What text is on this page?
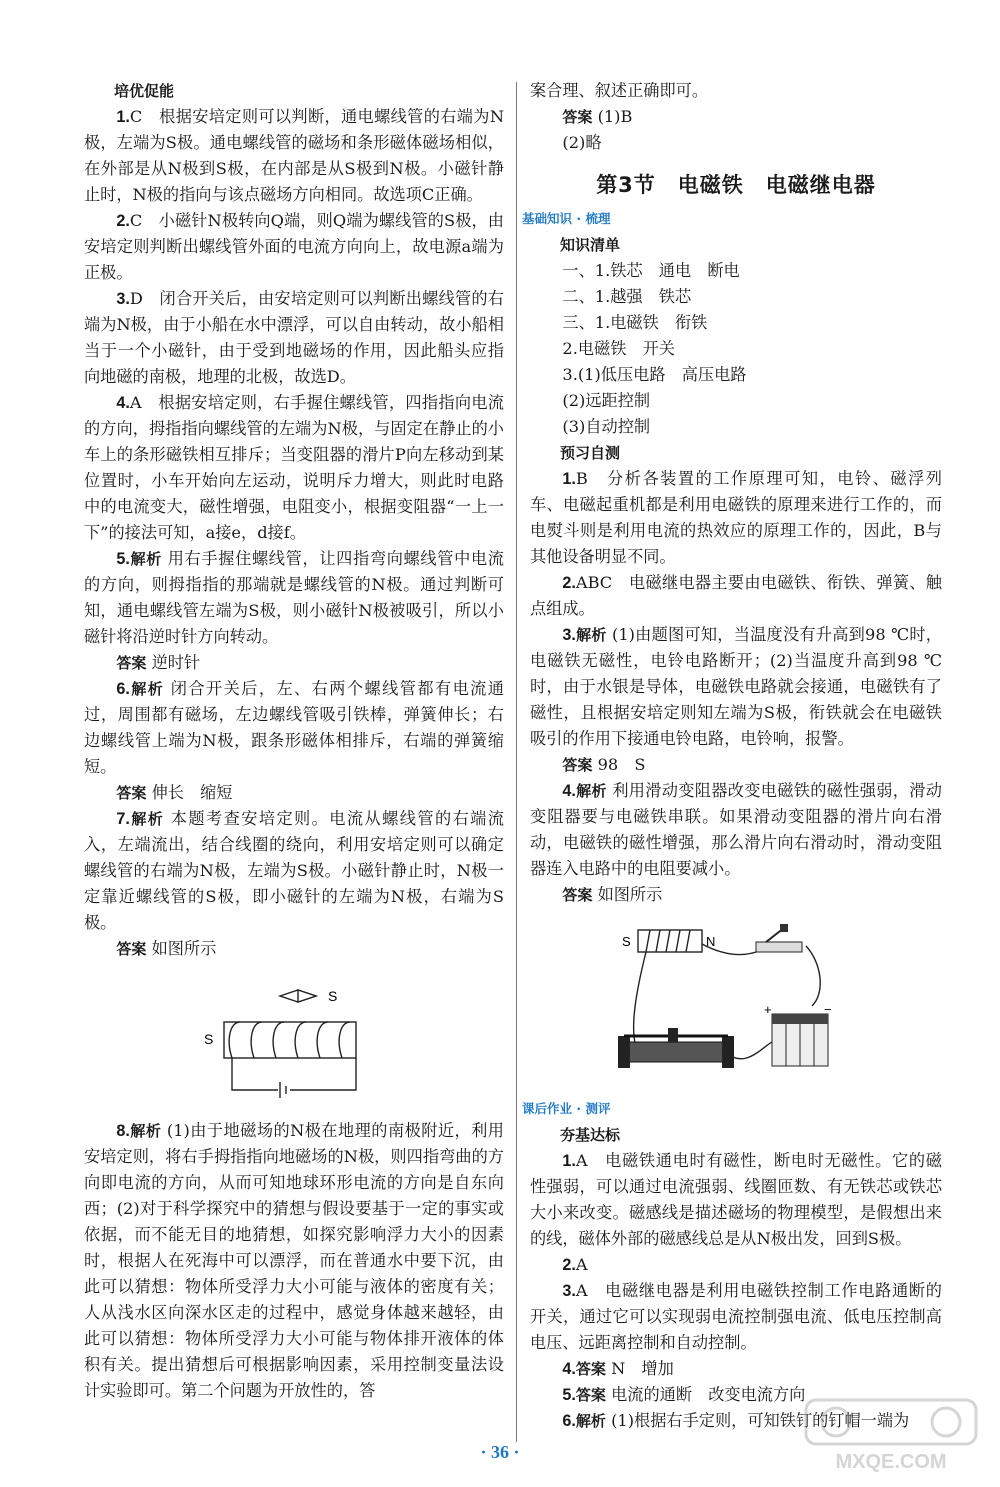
培优促能

1.C　根据安培定则可以判断，通电螺线管的右端为N极，左端为S极。通电螺线管的磁场和条形磁体磁场相似，在外部是从N极到S极，在内部是从S极到N极。小磁针静止时，N极的指向与该点磁场方向相同。故选项C正确。

2.C　小磁针N极转向Q端，则Q端为螺线管的S极，由安培定则判断出螺线管外面的电流方向向上，故电源a端为正极。

3.D　闭合开关后，由安培定则可以判断出螺线管的右端为N极，由于小船在水中漂浮，可以自由转动，故小船相当于一个小磁针，由于受到地磁场的作用，因此船头应指向地磁的南极，地理的北极，故选D。

4.A　根据安培定则，右手握住螺线管，四指指向电流的方向，拇指指向螺线管的左端为N极，与固定在静止的小车上的条形磁铁相互排斥；当变阻器的滑片P向左移动到某位置时，小车开始向左运动，说明斥力增大，则此时电路中的电流变大，磁性增强，电阻变小，根据变阻器“一上一下”的接法可知，a接e，d接f。

5.解析 用右手握住螺线管，让四指弯向螺线管中电流的方向，则拇指指的那端就是螺线管的N极。通过判断可知，通电螺线管左端为S极，则小磁针N极被吸引，所以小磁针将沿逆时针方向转动。

答案 逆时针

6.解析 闭合开关后，左、右两个螺线管都有电流通过，周围都有磁场，左边螺线管吸引铁棒，弹簧伸长；右边螺线管上端为N极，跟条形磁体相排斥，右端的弹簧缩短。

答案 伸长　缩短

7.解析 本题考查安培定则。电流从螺线管的右端流入，左端流出，结合线圈的绕向，利用安培定则可以确定螺线管的右端为N极，左端为S极。小磁针静止时，N极一定靠近螺线管的S极，即小磁针的左端为N极，右端为S极。

答案 如图所示

S
S

8.解析 (1)由于地磁场的N极在地理的南极附近，利用安培定则，将右手拇指指向地磁场的N极，则四指弯曲的方向即电流的方向，从而可知地球环形电流的方向是自东向西；(2)对于科学探究中的猜想与假设要基于一定的事实或依据，而不能无目的地猜想，如探究影响浮力大小的因素时，根据人在死海中可以漂浮，而在普通水中要下沉，由此可以猜想：物体所受浮力大小可能与液体的密度有关；人从浅水区向深水区走的过程中，感觉身体越来越轻，由此可以猜想：物体所受浮力大小可能与物体排开液体的体积有关。提出猜想后可根据影响因素，采用控制变量法设计实验即可。第二个问题为开放性的，答

案合理、叙述正确即可。

答案 (1)B

(2)略

第3节　电磁铁　电磁继电器
基础知识 · 梳理

知识清单

一、1.铁芯　通电　断电

二、1.越强　铁芯

三、1.电磁铁　衔铁

2.电磁铁　开关

3.(1)低压电路　高压电路

(2)远距控制

(3)自动控制

预习自测

1.B　分析各装置的工作原理可知，电铃、磁浮列车、电磁起重机都是利用电磁铁的原理来进行工作的，而电熨斗则是利用电流的热效应的原理工作的，因此，B与其他设备明显不同。

2.ABC　电磁继电器主要由电磁铁、衔铁、弹簧、触点组成。

3.解析 (1)由题图可知，当温度没有升高到98 ℃时，电磁铁无磁性，电铃电路断开；(2)当温度升高到98 ℃时，由于水银是导体，电磁铁电路就会接通，电磁铁有了磁性，且根据安培定则知左端为S极，衔铁就会在电磁铁吸引的作用下接通电铃电路，电铃响，报警。

答案 98　S

4.解析 利用滑动变阻器改变电磁铁的磁性强弱，滑动变阻器要与电磁铁串联。如果滑动变阻器的滑片向右滑动，电磁铁的磁性增强，那么滑片向右滑动时，滑动变阻器连入电路中的电阻要减小。

答案 如图所示

S	N
+	−
课后作业 · 测评

夯基达标

1.A　电磁铁通电时有磁性，断电时无磁性。它的磁性强弱，可以通过电流强弱、线圈匝数、有无铁芯或铁芯大小来改变。磁感线是描述磁场的物理模型，是假想出来的线，磁体外部的磁感线总是从N极出发，回到S极。

2.A

3.A　电磁继电器是利用电磁铁控制工作电路通断的开关，通过它可以实现弱电流控制强电流、低电压控制高电压、远距离控制和自动控制。

4.答案 N　增加

5.答案 电流的通断　改变电流方向

6.解析 (1)根据右手定则，可知铁钉的钉帽一端为

· 36 ·	MXQE.COM
